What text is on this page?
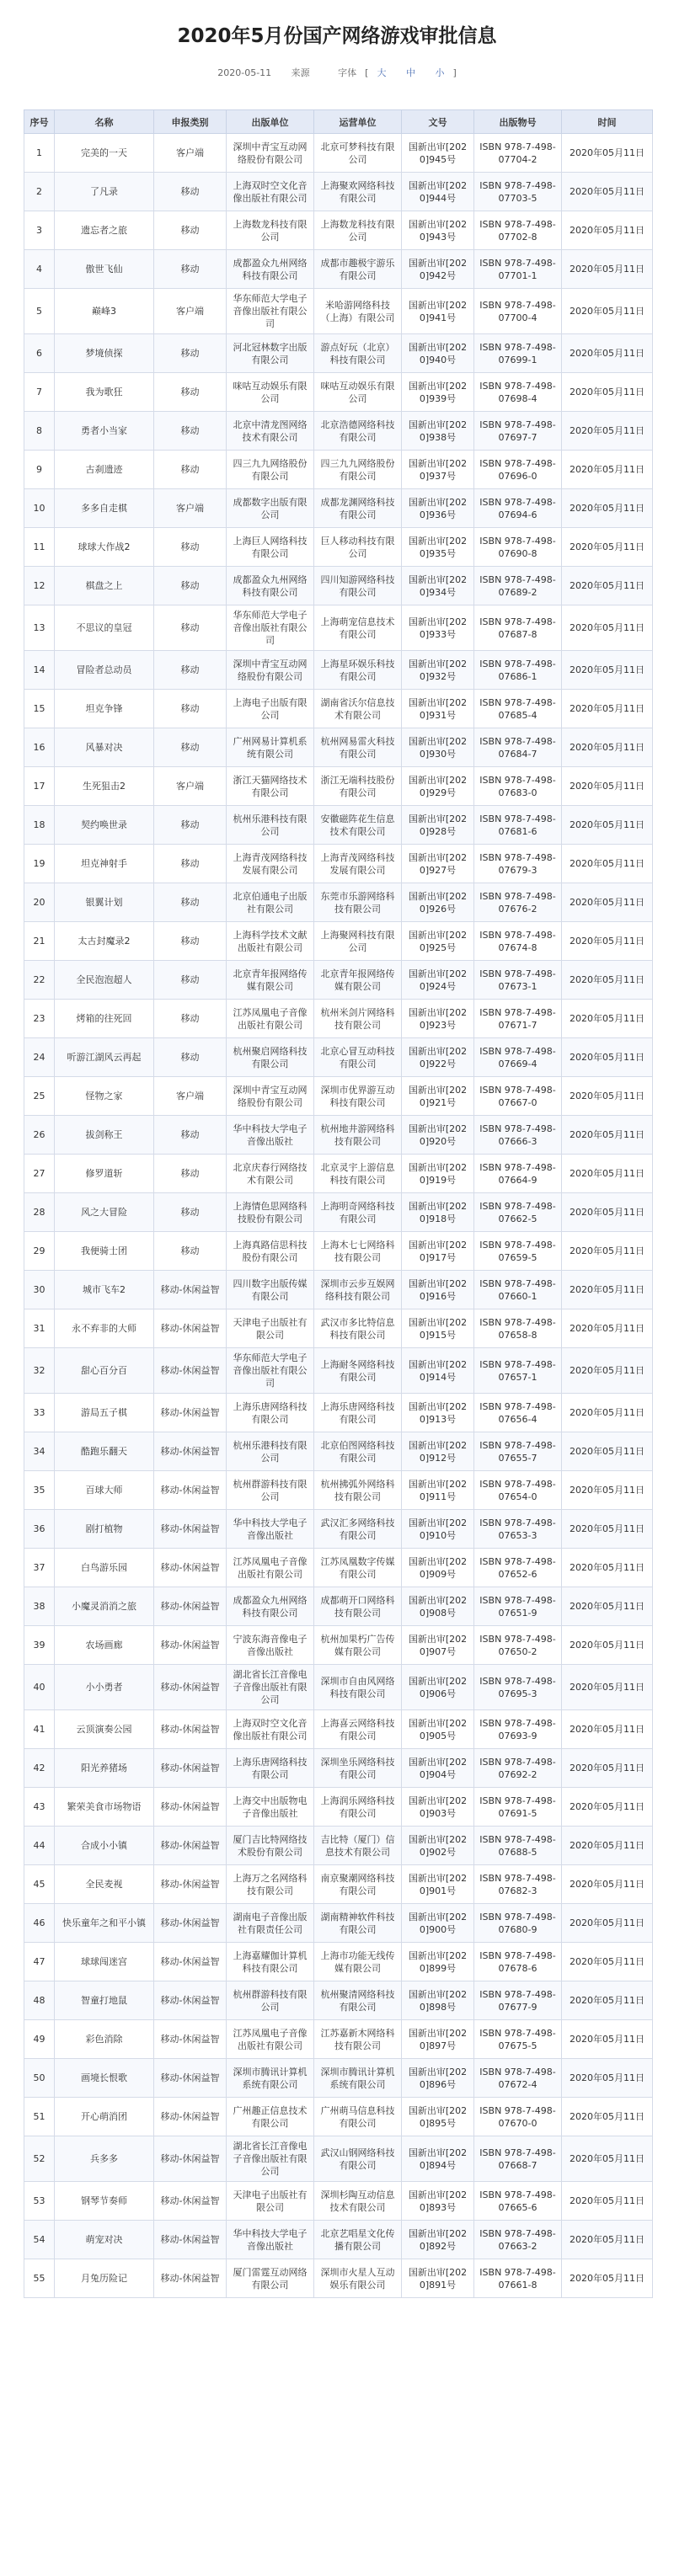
2020年5月份国产网络游戏审批信息
2020-05-11 来源	字体 [ 大 中 小 ]
序号	名称	申报类别	出版单位	运营单位	文号	出版物号	时间
1	完美的一天	客户端	深圳中青宝互动网络股份有限公司	北京可梦科技有限公司	国新出审[2020]945号	ISBN 978-7-498-07704-2	2020年05月11日
2	了凡录	移动	上海双时空文化音像出版社有限公司	上海聚欢网络科技有限公司	国新出审[2020]944号	ISBN 978-7-498-07703-5	2020年05月11日
3	遗忘者之旅	移动	上海数龙科技有限公司	上海数龙科技有限公司	国新出审[2020]943号	ISBN 978-7-498-07702-8	2020年05月11日
4	傲世飞仙	移动	成都盈众九州网络科技有限公司	成都市趣极宇游乐有限公司	国新出审[2020]942号	ISBN 978-7-498-07701-1	2020年05月11日
5	巅峰3	客户端	华东师范大学电子音像出版社有限公司	米哈游网络科技（上海）有限公司	国新出审[2020]941号	ISBN 978-7-498-07700-4	2020年05月11日
6	梦境侦探	移动	河北冠林数字出版有限公司	游点好玩（北京）科技有限公司	国新出审[2020]940号	ISBN 978-7-498-07699-1	2020年05月11日
7	我为歌狂	移动	咪咕互动娱乐有限公司	咪咕互动娱乐有限公司	国新出审[2020]939号	ISBN 978-7-498-07698-4	2020年05月11日
8	勇者小当家	移动	北京中清龙图网络技术有限公司	北京浩德网络科技有限公司	国新出审[2020]938号	ISBN 978-7-498-07697-7	2020年05月11日
9	古刹遗迹	移动	四三九九网络股份有限公司	四三九九网络股份有限公司	国新出审[2020]937号	ISBN 978-7-498-07696-0	2020年05月11日
10	多多自走棋	客户端	成都数字出版有限公司	成都龙渊网络科技有限公司	国新出审[2020]936号	ISBN 978-7-498-07694-6	2020年05月11日
11	球球大作战2	移动	上海巨人网络科技有限公司	巨人移动科技有限公司	国新出审[2020]935号	ISBN 978-7-498-07690-8	2020年05月11日
12	棋盘之上	移动	成都盈众九州网络科技有限公司	四川知游网络科技有限公司	国新出审[2020]934号	ISBN 978-7-498-07689-2	2020年05月11日
13	不思议的皇冠	移动	华东师范大学电子音像出版社有限公司	上海萌宠信息技术有限公司	国新出审[2020]933号	ISBN 978-7-498-07687-8	2020年05月11日
14	冒险者总动员	移动	深圳中青宝互动网络股份有限公司	上海星环娱乐科技有限公司	国新出审[2020]932号	ISBN 978-7-498-07686-1	2020年05月11日
15	坦克争锋	移动	上海电子出版有限公司	湖南省沃尔信息技术有限公司	国新出审[2020]931号	ISBN 978-7-498-07685-4	2020年05月11日
16	风暴对决	移动	广州网易计算机系统有限公司	杭州网易雷火科技有限公司	国新出审[2020]930号	ISBN 978-7-498-07684-7	2020年05月11日
17	生死狙击2	客户端	浙江天猫网络技术有限公司	浙江无端科技股份有限公司	国新出审[2020]929号	ISBN 978-7-498-07683-0	2020年05月11日
18	契约唤世录	移动	杭州乐港科技有限公司	安徽磁阵花生信息技术有限公司	国新出审[2020]928号	ISBN 978-7-498-07681-6	2020年05月11日
19	坦克神射手	移动	上海青茂网络科技发展有限公司	上海青茂网络科技发展有限公司	国新出审[2020]927号	ISBN 978-7-498-07679-3	2020年05月11日
20	银翼计划	移动	北京伯通电子出版社有限公司	东莞市乐游网络科技有限公司	国新出审[2020]926号	ISBN 978-7-498-07676-2	2020年05月11日
21	太古封魔录2	移动	上海科学技术文献出版社有限公司	上海聚网科技有限公司	国新出审[2020]925号	ISBN 978-7-498-07674-8	2020年05月11日
22	全民泡泡超人	移动	北京青年报网络传媒有限公司	北京青年报网络传媒有限公司	国新出审[2020]924号	ISBN 978-7-498-07673-1	2020年05月11日
23	烤箱的往死回	移动	江苏凤凰电子音像出版社有限公司	杭州米剑片网络科技有限公司	国新出审[2020]923号	ISBN 978-7-498-07671-7	2020年05月11日
24	听游江湖风云再起	移动	杭州聚启网络科技有限公司	北京心冒互动科技有限公司	国新出审[2020]922号	ISBN 978-7-498-07669-4	2020年05月11日
25	怪物之家	客户端	深圳中青宝互动网络股份有限公司	深圳市优界游互动科技有限公司	国新出审[2020]921号	ISBN 978-7-498-07667-0	2020年05月11日
26	拔剑称王	移动	华中科技大学电子音像出版社	杭州地井游网络科技有限公司	国新出审[2020]920号	ISBN 978-7-498-07666-3	2020年05月11日
27	修罗道斩	移动	北京庆春行网络技术有限公司	北京灵宇上游信息科技有限公司	国新出审[2020]919号	ISBN 978-7-498-07664-9	2020年05月11日
28	风之大冒险	移动	上海情色思网络科技股份有限公司	上海明奇网络科技有限公司	国新出审[2020]918号	ISBN 978-7-498-07662-5	2020年05月11日
29	我便骑士团	移动	上海真路信思科技股份有限公司	上海木七七网络科技有限公司	国新出审[2020]917号	ISBN 978-7-498-07659-5	2020年05月11日
30	城市飞车2	移动-休闲益智	四川数字出版传媒有限公司	深圳市云步互娱网络科技有限公司	国新出审[2020]916号	ISBN 978-7-498-07660-1	2020年05月11日
31	永不弃非的大师	移动-休闲益智	天津电子出版社有限公司	武汉市多比特信息科技有限公司	国新出审[2020]915号	ISBN 978-7-498-07658-8	2020年05月11日
32	甜心百分百	移动-休闲益智	华东师范大学电子音像出版社有限公司	上海耐冬网络科技有限公司	国新出审[2020]914号	ISBN 978-7-498-07657-1	2020年05月11日
33	游局五子棋	移动-休闲益智	上海乐唐网络科技有限公司	上海乐唐网络科技有限公司	国新出审[2020]913号	ISBN 978-7-498-07656-4	2020年05月11日
34	酷跑乐翻天	移动-休闲益智	杭州乐港科技有限公司	北京伯图网络科技有限公司	国新出审[2020]912号	ISBN 978-7-498-07655-7	2020年05月11日
35	百球大师	移动-休闲益智	杭州群游科技有限公司	杭州拂弧外网络科技有限公司	国新出审[2020]911号	ISBN 978-7-498-07654-0	2020年05月11日
36	剧打植物	移动-休闲益智	华中科技大学电子音像出版社	武汉汇多网络科技有限公司	国新出审[2020]910号	ISBN 978-7-498-07653-3	2020年05月11日
37	白鸟游乐园	移动-休闲益智	江苏凤凰电子音像出版社有限公司	江苏凤凰数字传媒有限公司	国新出审[2020]909号	ISBN 978-7-498-07652-6	2020年05月11日
38	小魔灵消消之旅	移动-休闲益智	成都盈众九州网络科技有限公司	成都萌开口网络科技有限公司	国新出审[2020]908号	ISBN 978-7-498-07651-9	2020年05月11日
39	农场画廊	移动-休闲益智	宁波东海音像电子音像出版社	杭州加果朽广告传媒有限公司	国新出审[2020]907号	ISBN 978-7-498-07650-2	2020年05月11日
40	小小勇者	移动-休闲益智	湖北省长江音像电子音像出版社有限公司	深圳市自由风网络科技有限公司	国新出审[2020]906号	ISBN 978-7-498-07695-3	2020年05月11日
41	云顶演奏公园	移动-休闲益智	上海双时空文化音像出版社有限公司	上海喜云网络科技有限公司	国新出审[2020]905号	ISBN 978-7-498-07693-9	2020年05月11日
42	阳光养猪场	移动-休闲益智	上海乐唐网络科技有限公司	深圳坐乐网络科技有限公司	国新出审[2020]904号	ISBN 978-7-498-07692-2	2020年05月11日
43	繁荣美食市场物语	移动-休闲益智	上海交中出版物电子音像出版社	上海润乐网络科技有限公司	国新出审[2020]903号	ISBN 978-7-498-07691-5	2020年05月11日
44	合成小小镇	移动-休闲益智	厦门吉比特网络技术股份有限公司	吉比特（厦门）信息技术有限公司	国新出审[2020]902号	ISBN 978-7-498-07688-5	2020年05月11日
45	全民麦视	移动-休闲益智	上海万之名网络科技有限公司	南京聚潮网络科技有限公司	国新出审[2020]901号	ISBN 978-7-498-07682-3	2020年05月11日
46	快乐童年之和平小镇	移动-休闲益智	湖南电子音像出版社有限责任公司	湖南精神软件科技有限公司	国新出审[2020]900号	ISBN 978-7-498-07680-9	2020年05月11日
47	球球闯迷宫	移动-休闲益智	上海嘉耀伽计算机科技有限公司	上海市功能无线传媒有限公司	国新出审[2020]899号	ISBN 978-7-498-07678-6	2020年05月11日
48	智童打地鼠	移动-休闲益智	杭州群游科技有限公司	杭州聚清网络科技有限公司	国新出审[2020]898号	ISBN 978-7-498-07677-9	2020年05月11日
49	彩色消除	移动-休闲益智	江苏凤凰电子音像出版社有限公司	江苏嘉新木网络科技有限公司	国新出审[2020]897号	ISBN 978-7-498-07675-5	2020年05月11日
50	画境长恨歌	移动-休闲益智	深圳市腾讯计算机系统有限公司	深圳市腾讯计算机系统有限公司	国新出审[2020]896号	ISBN 978-7-498-07672-4	2020年05月11日
51	开心萌消团	移动-休闲益智	广州趣正信息技术有限公司	广州萌马信息科技有限公司	国新出审[2020]895号	ISBN 978-7-498-07670-0	2020年05月11日
52	兵多多	移动-休闲益智	湖北省长江音像电子音像出版社有限公司	武汉山钢网络科技有限公司	国新出审[2020]894号	ISBN 978-7-498-07668-7	2020年05月11日
53	钢琴节奏师	移动-休闲益智	天津电子出版社有限公司	深圳杉陶互动信息技术有限公司	国新出审[2020]893号	ISBN 978-7-498-07665-6	2020年05月11日
54	萌宠对决	移动-休闲益智	华中科技大学电子音像出版社	北京艺唱星文化传播有限公司	国新出审[2020]892号	ISBN 978-7-498-07663-2	2020年05月11日
55	月兔历险记	移动-休闲益智	厦门雷霆互动网络有限公司	深圳市火星人互动娱乐有限公司	国新出审[2020]891号	ISBN 978-7-498-07661-8	2020年05月11日
